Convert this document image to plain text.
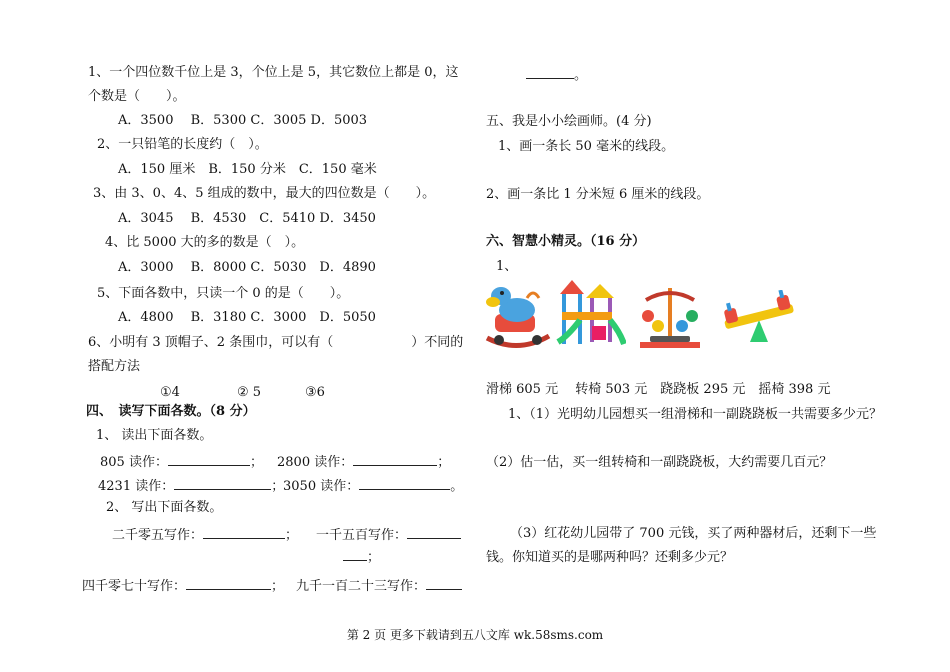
1、一个四位数千位上是 3，个位上是 5，其它数位上都是 0，这
个数是（　　）。
A．3500　 B．5300 C．3005 D．5003
2、一只铅笔的长度约（　）。
A．150 厘米　B．150 分米　C．150 毫米
3、由 3、0、4、5 组成的数中，最大的四位数是（　　）。
A．3045　 B．4530　C．5410 D．3450
4、比 5000 大的多的数是（　）。
A．3000　 B．8000 C．5030　D．4890
5、下面各数中，只读一个 0 的是（　　）。
A．4800　 B．3180 C．3000　D．5050
6、小明有 3 顶帽子、2 条围巾，可以有（　　　　　　）不同的
搭配方法
①4	② 5	③6
四、　读写下面各数。（8 分）
1、 读出下面各数。
805 读作：	； 2800 读作：	；
4231 读作：	；
3050 读作：	。
2、 写出下面各数。
二千零五写作：	； 一千五百写作：
；
四千零七十写作：	； 九千一百二十三写作：
。
五、我是小小绘画师。(4 分)
1、画一条长 50 毫米的线段。
2、画一条比 1 分米短 6 厘米的线段。
六、智慧小精灵。（16 分）
1、
滑梯 605 元　 转椅 503 元　跷跷板 295 元　摇椅 398 元
1、（1）光明幼儿园想买一组滑梯和一副跷跷板一共需要多少元？
（2）估一估，买一组转椅和一副跷跷板，大约需要几百元？
（3）红花幼儿园带了 700 元钱，买了两种器材后，还剩下一些
钱。你知道买的是哪两种吗？还剩多少元？
第 2 页 更多下载请到五八文库 wk.58sms.com
